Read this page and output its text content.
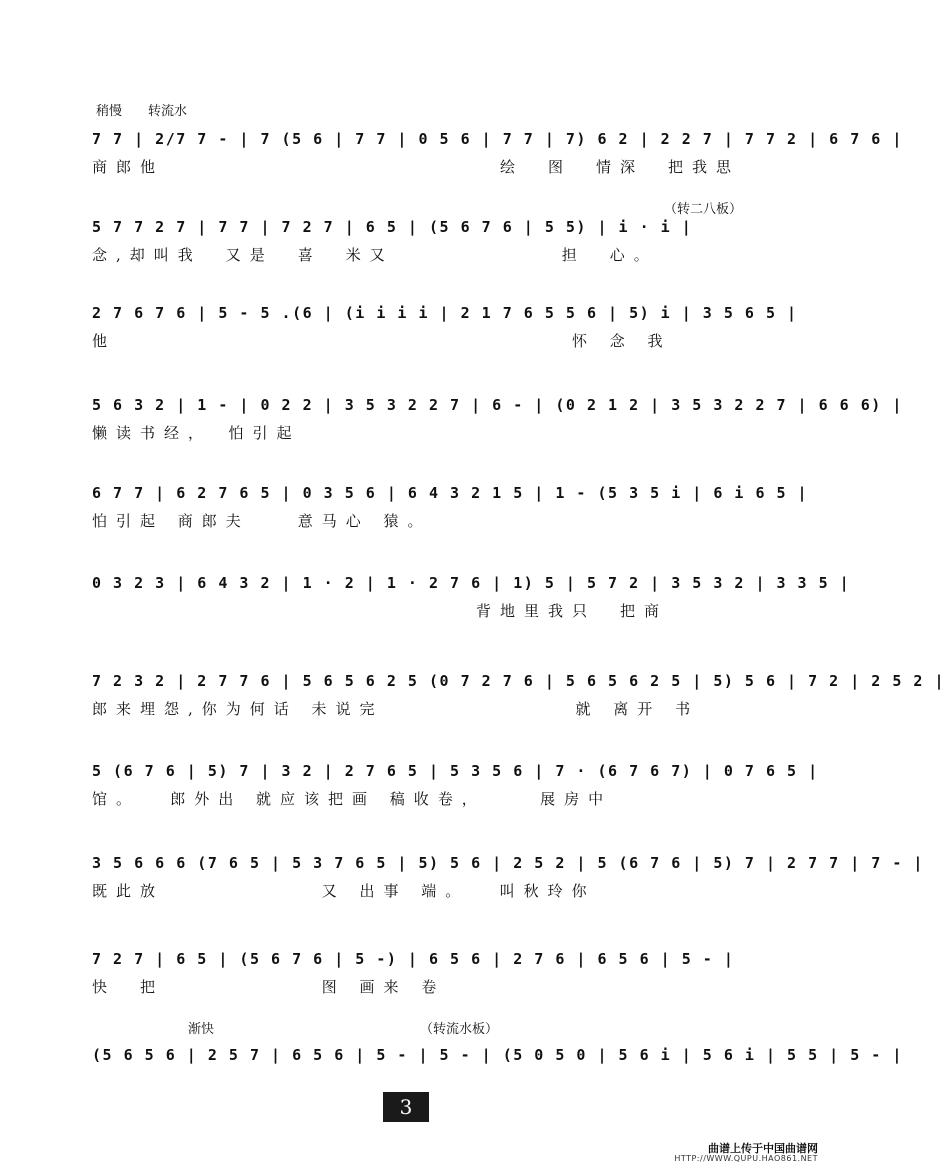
稍慢 转流水
（转二八板）
渐快	（转流水板）
7 7 | 2/7 7 - | 7 (5 6 | 7 7 | 0 5 6 | 7 7 | 7) 6 2 | 2 2 7 | 7 7 2 | 6 7 6 |
商郎他　　　　　　　　　　　　　　绘　图　情深　把我思
5 7 7 2 7 | 7 7 | 7 2 7 | 6 5 | (5 6 7 6 | 5 5) | i · i |
念,却叫我　又是　喜　米又　　　　　　　担　心。
2 7 6 7 6 | 5 - 5 .(6 | (i i i i | 2 1 7 6 5 5 6 | 5) i | 3 5 6 5 |
他　　　　　　　　　　　　　　　　　　　怀 念 我
5 6 3 2 | 1 - | 0 2 2 | 3 5 3 2 2 7 | 6 - | (0 2 1 2 | 3 5 3 2 2 7 | 6 6 6) |
懒读书经，　怕引起
6 7 7 | 6 2 7 6 5 | 0 3 5 6 | 6 4 3 2 1 5 | 1 - (5 3 5 i | 6 i 6 5 |
怕引起 商郎夫　　意马心 猿。
0 3 2 3 | 6 4 3 2 | 1 · 2 | 1 · 2 7 6 | 1) 5 | 5 7 2 | 3 5 3 2 | 3 3 5 |
　　　　　　　　　　　　　　　　背地里我只　把商
7 2 3 2 | 2 7 7 6 | 5 6 5 6 2 5 (0 7 2 7 6 | 5 6 5 6 2 5 | 5) 5 6 | 7 2 | 2 5 2 |
郎来埋怨,你为何话 未说完　　　　　　　　就 离开 书
5 (6 7 6 | 5) 7 | 3 2 | 2 7 6 5 | 5 3 5 6 | 7 · (6 7 6 7) | 0 7 6 5 |
馆。　 郎外出 就应该把画 稿收卷，　　 展房中
3 5 6 6 6 (7 6 5 | 5 3 7 6 5 | 5) 5 6 | 2 5 2 | 5 (6 7 6 | 5) 7 | 2 7 7 | 7 - |
既此放　　　　　　 又 出事 端。　 叫秋玲你
7 2 7 | 6 5 | (5 6 7 6 | 5 -) | 6 5 6 | 2 7 6 | 6 5 6 | 5 - |
快　把　　　　　　 图 画来 卷
(5 6 5 6 | 2 5 7 | 6 5 6 | 5 - | 5 - | (5 0 5 0 | 5 6 i | 5 6 i | 5 5 | 5 - |
3
曲谱上传于中国曲谱网
HTTP://WWW.QUPU.HAO861.NET
